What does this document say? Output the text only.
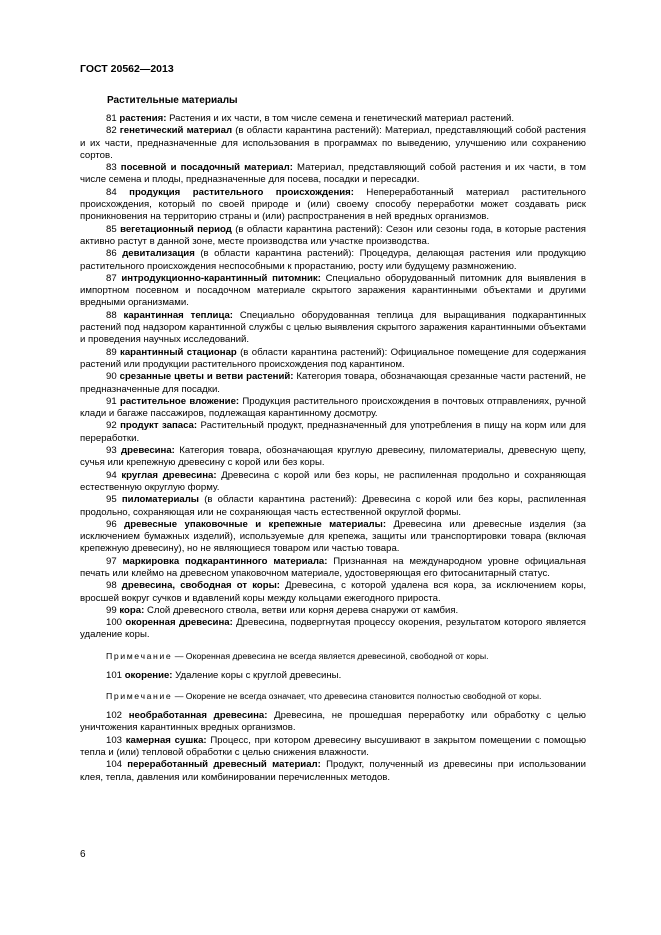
ГОСТ 20562—2013
Растительные материалы

81 растения: Растения и их части, в том числе семена и генетический материал растений.

82 генетический материал (в области карантина растений): Материал, представляющий собой растения и их части, предназначенные для использования в программах по выведению, улучшению или сохранению сортов.

83 посевной и посадочный материал: Материал, представляющий собой растения и их части, в том числе семена и плоды, предназначенные для посева, посадки и пересадки.

84 продукция растительного происхождения: Непереработанный материал растительного происхождения, который по своей природе и (или) своему способу переработки может создавать риск проникновения на территорию страны и (или) распространения в ней вредных организмов.

85 вегетационный период (в области карантина растений): Сезон или сезоны года, в которые растения активно растут в данной зоне, месте производства или участке производства.

86 девитализация (в области карантина растений): Процедура, делающая растения или продукцию растительного происхождения неспособными к прорастанию, росту или будущему размножению.

87 интродукционно-карантинный питомник: Специально оборудованный питомник для выявления в импортном посевном и посадочном материале скрытого заражения карантинными объектами и другими вредными организмами.

88 карантинная теплица: Специально оборудованная теплица для выращивания подкарантинных растений под надзором карантинной службы с целью выявления скрытого заражения карантинными объектами и проведения научных исследований.

89 карантинный стационар (в области карантина растений): Официальное помещение для содержания растений или продукции растительного происхождения под карантином.

90 срезанные цветы и ветви растений: Категория товара, обозначающая срезанные части растений, не предназначенные для посадки.

91 растительное вложение: Продукция растительного происхождения в почтовых отправлениях, ручной клади и багаже пассажиров, подлежащая карантинному досмотру.

92 продукт запаса: Растительный продукт, предназначенный для употребления в пищу на корм или для переработки.

93 древесина: Категория товара, обозначающая круглую древесину, пиломатериалы, древесную щепу, сучья или крепежную древесину с корой или без коры.

94 круглая древесина: Древесина с корой или без коры, не распиленная продольно и сохраняющая естественную округлую форму.

95 пиломатериалы (в области карантина растений): Древесина с корой или без коры, распиленная продольно, сохраняющая или не сохраняющая часть естественной округлой формы.

96 древесные упаковочные и крепежные материалы: Древесина или древесные изделия (за исключением бумажных изделий), используемые для крепежа, защиты или транспортировки товара (включая крепежную древесину), но не являющиеся товаром или частью товара.

97 маркировка подкарантинного материала: Признанная на международном уровне официальная печать или клеймо на древесном упаковочном материале, удостоверяющая его фитосанитарный статус.

98 древесина, свободная от коры: Древесина, с которой удалена вся кора, за исключением коры, вросшей вокруг сучков и вдавлений коры между кольцами ежегодного прироста.

99 кора: Слой древесного ствола, ветви или корня дерева снаружи от камбия.

100 окоренная древесина: Древесина, подвергнутая процессу окорения, результатом которого является удаление коры.

Примечание — Окоренная древесина не всегда является древесиной, свободной от коры.

101 окорение: Удаление коры с круглой древесины.

Примечание — Окорение не всегда означает, что древесина становится полностью свободной от коры.

102 необработанная древесина: Древесина, не прошедшая переработку или обработку с целью уничтожения карантинных вредных организмов.

103 камерная сушка: Процесс, при котором древесину высушивают в закрытом помещении с помощью тепла и (или) тепловой обработки с целью снижения влажности.

104 переработанный древесный материал: Продукт, полученный из древесины при использовании клея, тепла, давления или комбинировании перечисленных методов.

6
